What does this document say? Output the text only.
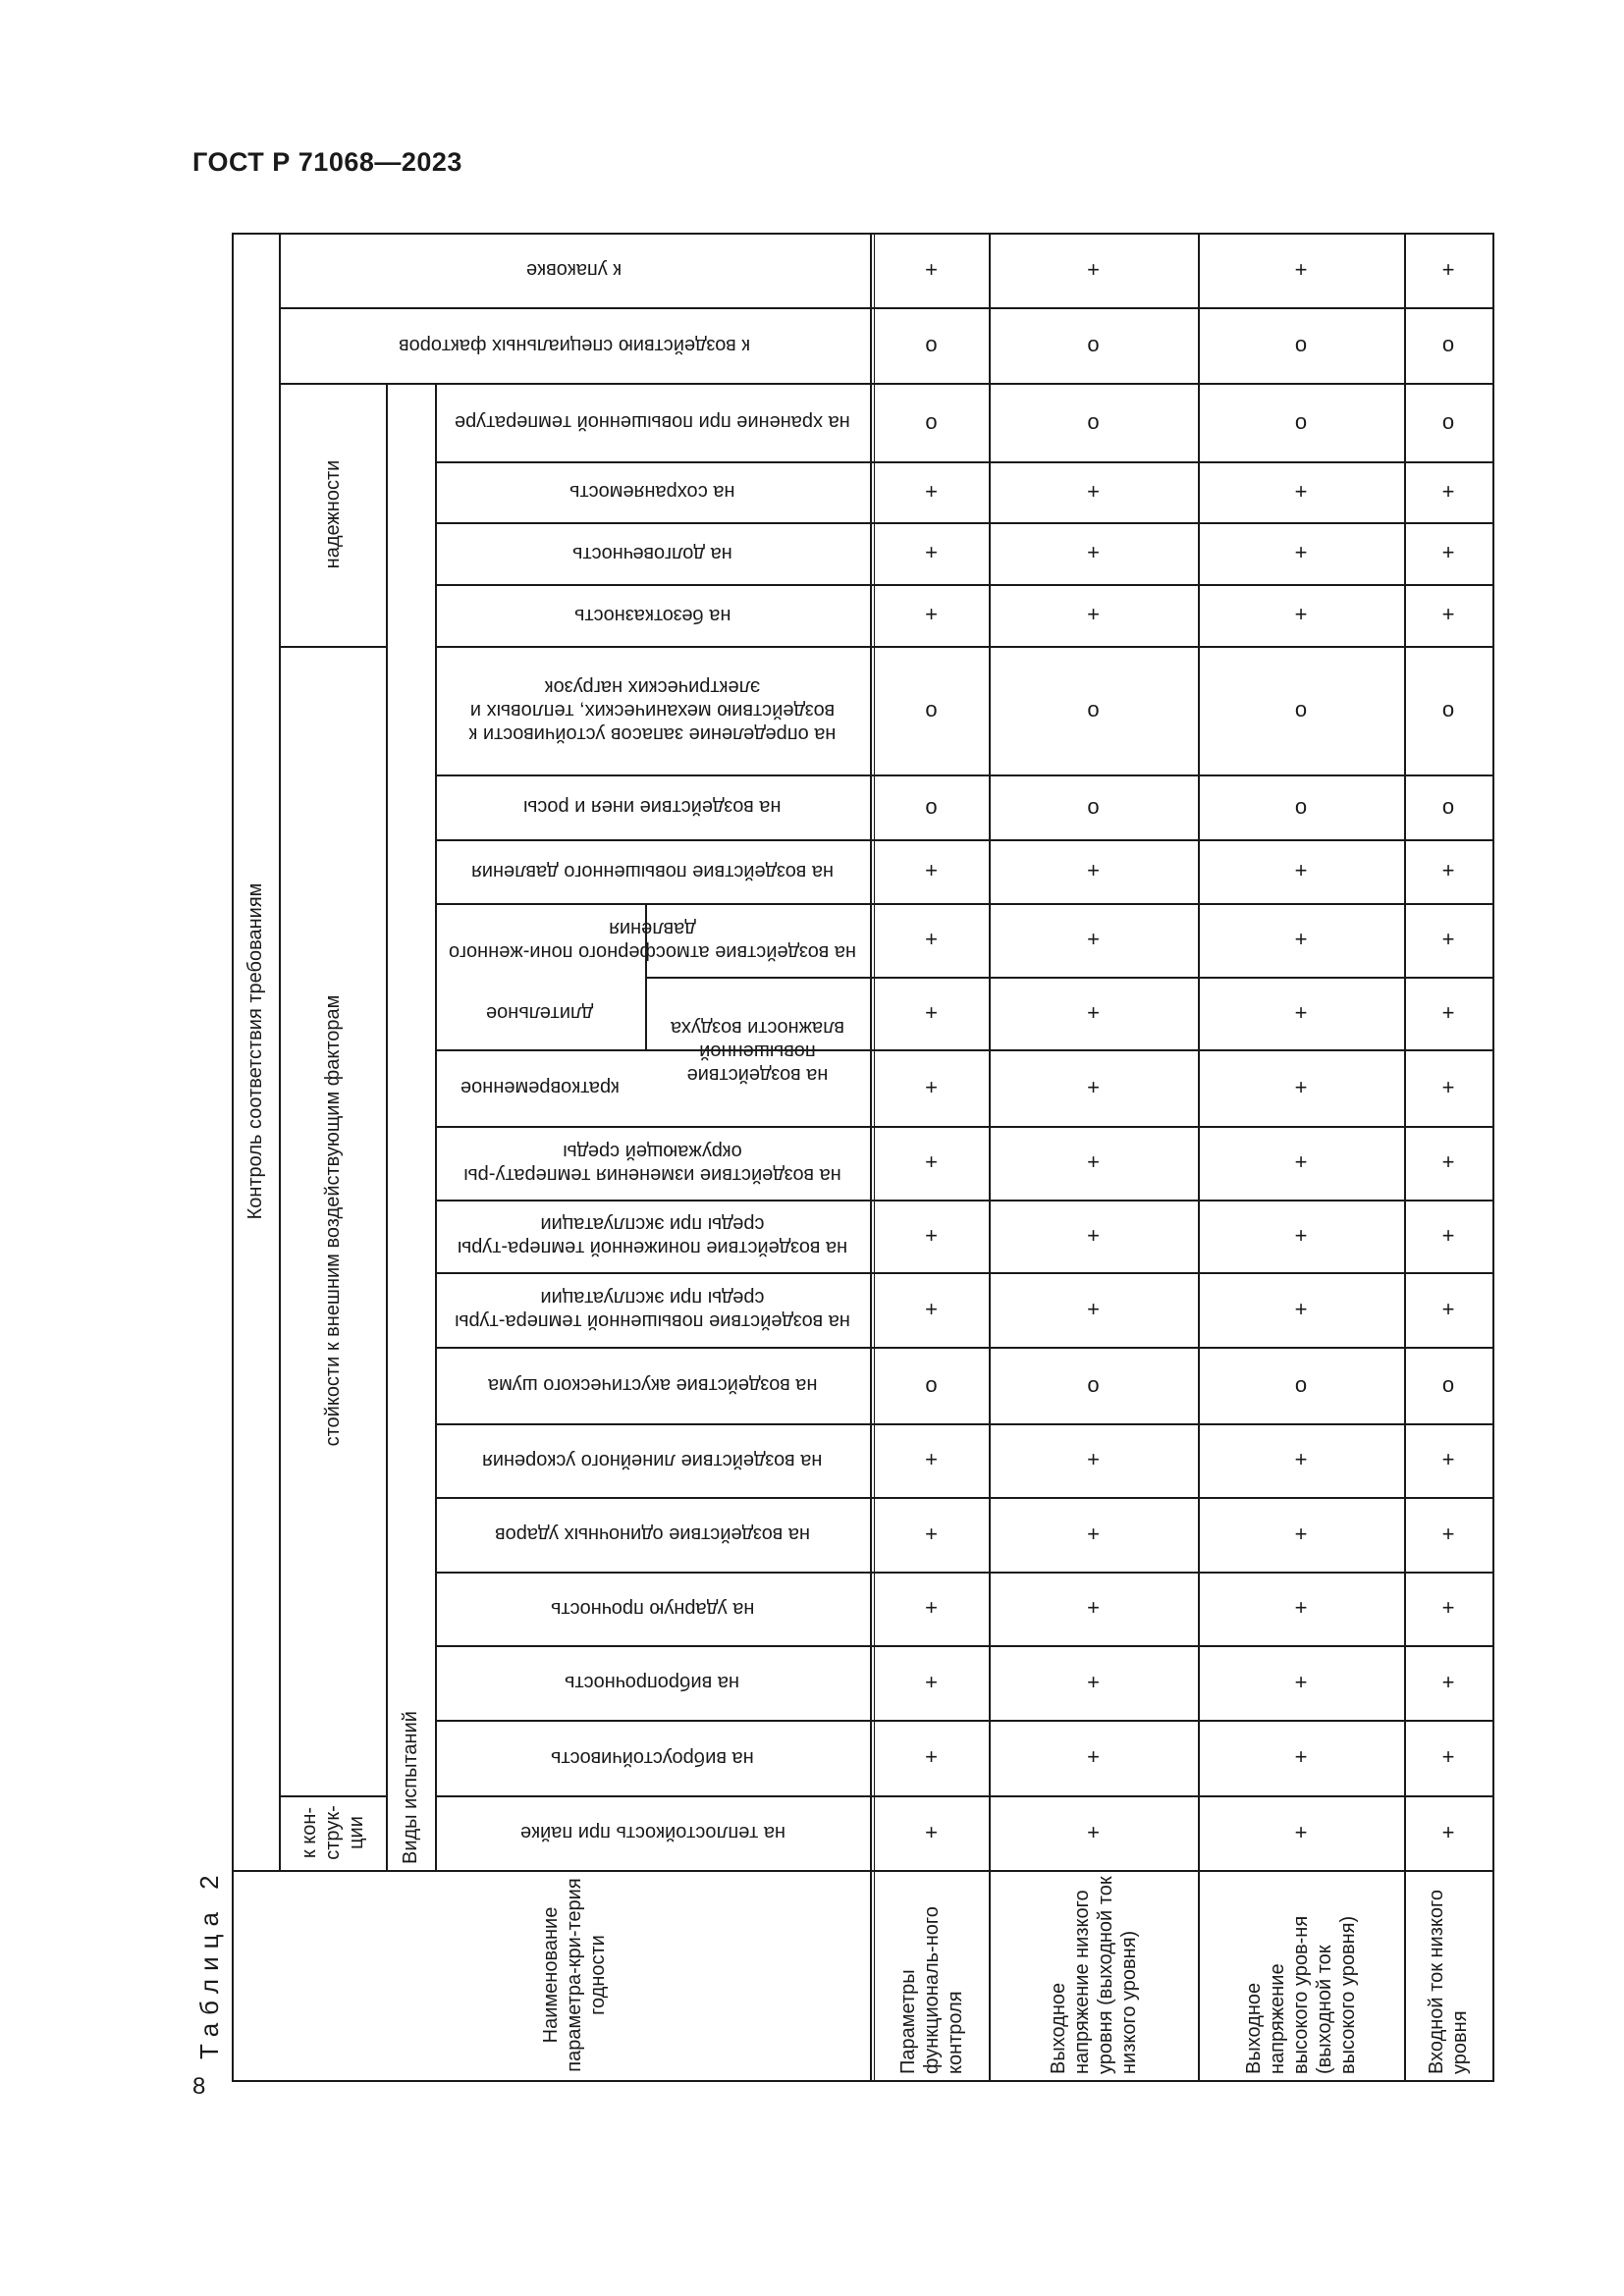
ГОСТ Р 71068—2023
Таблица 2
8
Контроль соответствия требованиям	стойкости к внешним воздействующим факторам
надежности
к кон-струк-ции	Виды испытаний
Наименование параметра-кри-терия годности
на теплостойкость при пайке
на виброустойчивость
на вибропрочность
на ударную прочность
на воздействие одиночных ударов
на воздействие линейного ускорения
на воздействие акустического шума
на воздействие повышенной темпера-туры среды при эксплуатации
на воздействие пониженной темпера-туры среды при эксплуатации
на воздействие изменения температу-ры окружающей среды
кратковременное
длительное
на воздействие атмосферного пони-женного давления
на воздействие повышенного давления
на воздействие инея и росы
на определение запасов устойчивости к воздействию механических, тепловых и электрических нагрузок
на безотказность
на долговечность
на сохраняемость
на хранение при повышенной температуре
к воздействию специальных факторов
к упаковке
на воздействие повышенной влажности воздуха
Параметры функциональ-ного контроля
+
+
+
+
+
+
o
+
+
+
+
+
+
+
o
o
+
+
+
o
o
+
Выходное напряжение низкого уровня (выходной ток низкого уровня)
+
+
+
+
+
+
o
+
+
+
+
+
+
+
o
o
+
+
+
o
o
+
Выходное напряжение высокого уров-ня (выходной ток высокого уровня)
+
+
+
+
+
+
o
+
+
+
+
+
+
+
o
o
+
+
+
o
o
+
Входной ток низкого уровня
+
+
+
+
+
+
o
+
+
+
+
+
+
+
o
o
+
+
+
o
o
+
